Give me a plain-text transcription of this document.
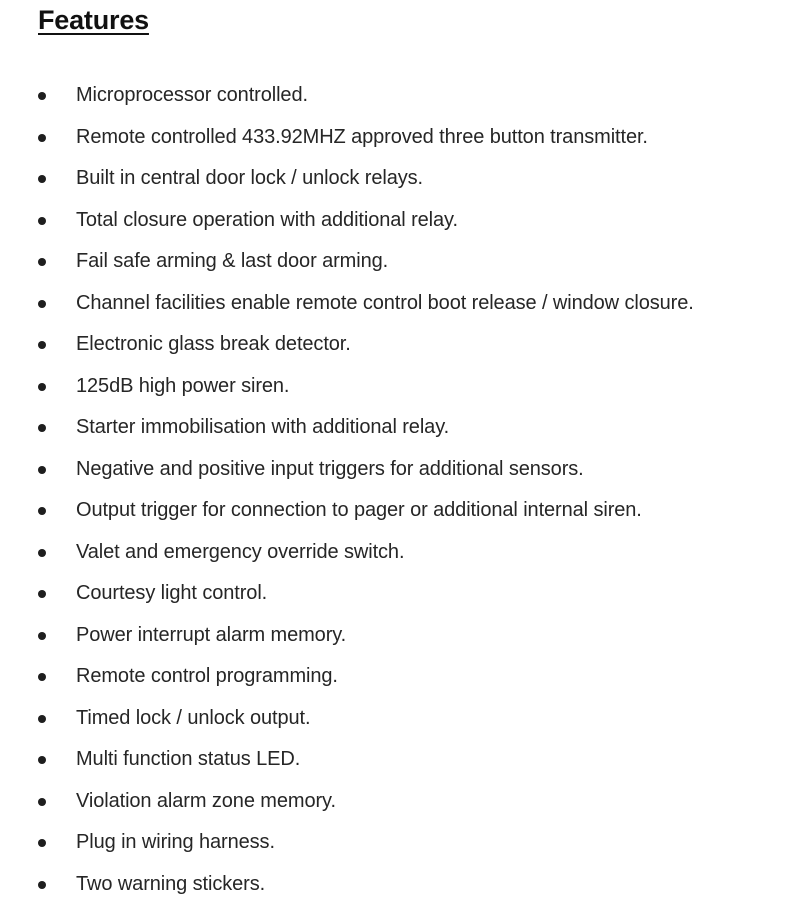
Features
Microprocessor controlled.
Remote controlled 433.92MHZ approved three button transmitter.
Built in central door lock / unlock relays.
Total closure operation with additional relay.
Fail safe arming & last door arming.
Channel facilities enable remote control boot release / window closure.
Electronic glass break detector.
125dB high power siren.
Starter immobilisation with additional relay.
Negative and positive input triggers for additional sensors.
Output trigger for connection to pager or additional internal siren.
Valet and emergency override switch.
Courtesy light control.
Power interrupt alarm memory.
Remote control programming.
Timed lock / unlock output.
Multi function status LED.
Violation alarm zone memory.
Plug in wiring harness.
Two warning stickers.
